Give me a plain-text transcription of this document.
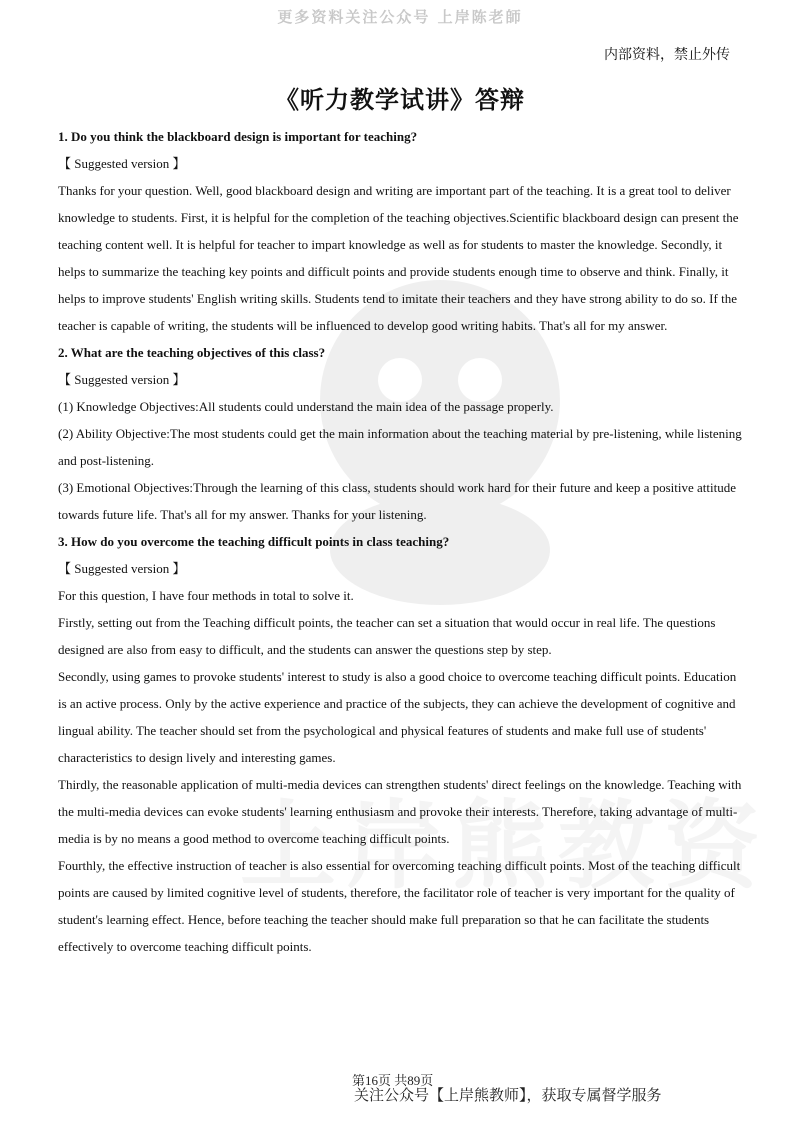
更多资料关注公众号 上岸陈老師
内部资料，禁止外传
《听力教学试讲》答辩

1. Do you think the blackboard design is important for teaching?

【 Suggested version 】

Thanks for your question. Well, good blackboard design and writing are important part of the teaching. It is a great tool to deliver knowledge to students. First, it is helpful for the completion of the teaching objectives.Scientific blackboard design can present the teaching content well. It is helpful for teacher to impart knowledge as well as for students to master the knowledge. Secondly, it helps to summarize the teaching key points and difficult points and provide students enough time to observe and think. Finally, it helps to improve students' English writing skills. Students tend to imitate their teachers and they have strong ability to do so. If the teacher is capable of writing, the students will be influenced to develop good writing habits. That's all for my answer.

2. What are the teaching objectives of this class?

【 Suggested version 】

(1) Knowledge Objectives:All students could understand the main idea of the passage properly.

(2) Ability Objective:The most students could get the main information about the teaching material by pre-listening, while listening and post-listening.

(3) Emotional Objectives:Through the learning of this class, students should work hard for their future and keep a positive attitude towards future life. That's all for my answer. Thanks for your listening.

3. How do you overcome the teaching difficult points in class teaching?

【 Suggested version 】

For this question, I have four methods in total to solve it.

Firstly, setting out from the Teaching difficult points, the teacher can set a situation that would occur in real life. The questions designed are also from easy to difficult, and the students can answer the questions step by step.

Secondly, using games to provoke students' interest to study is also a good choice to overcome teaching difficult points. Education is an active process. Only by the active experience and practice of the subjects, they can achieve the development of cognitive and lingual ability. The teacher should set from the psychological and physical features of students and make full use of students' characteristics to design lively and interesting games.

Thirdly, the reasonable application of multi-media devices can strengthen students' direct feelings on the knowledge. Teaching with the multi-media devices can evoke students' learning enthusiasm and provoke their interests. Therefore, taking advantage of multi-media is by no means a good method to overcome teaching difficult points.

Fourthly, the effective instruction of teacher is also essential for overcoming teaching difficult points. Most of the teaching difficult points are caused by limited cognitive level of students, therefore, the facilitator role of teacher is very important for the quality of student's learning effect. Hence, before teaching the teacher should make full preparation so that he can facilitate the students effectively to overcome teaching difficult points.

第16页 共89页
关注公众号【上岸熊教师】，获取专属督学服务
